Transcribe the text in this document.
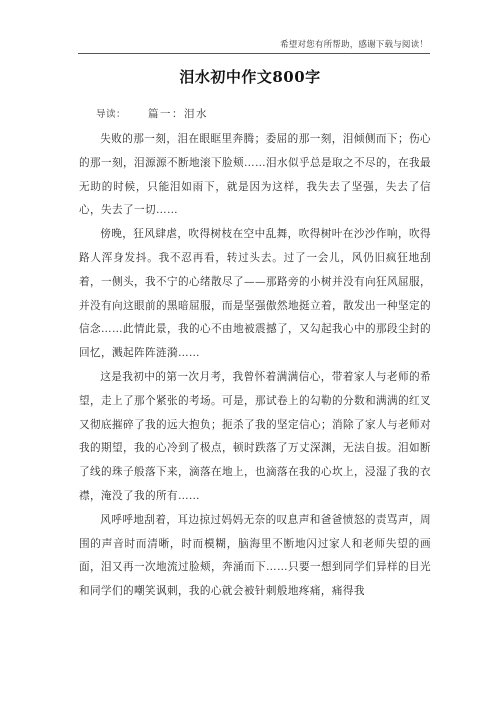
希望对您有所帮助，感谢下载与阅读！
泪水初中作文800字
导读： 篇一：泪水

失败的那一刻，泪在眼眶里奔腾；委屈的那一刻，泪倾侧而下；伤心的那一刻，泪源源不断地滚下脸颊……泪水似乎总是取之不尽的，在我最无助的时候，只能泪如雨下，就是因为这样，我失去了坚强，失去了信心，失去了一切……

傍晚，狂风肆虐，吹得树枝在空中乱舞，吹得树叶在沙沙作响，吹得路人浑身发抖。我不忍再看，转过头去。过了一会儿，风仍旧疯狂地刮着，一侧头，我不宁的心绪散尽了——那路旁的小树并没有向狂风屈服，并没有向这眼前的黑暗屈服，而是坚强傲然地挺立着，散发出一种坚定的信念……此情此景，我的心不由地被震撼了，又勾起我心中的那段尘封的回忆，溅起阵阵涟漪……

这是我初中的第一次月考，我曾怀着满满信心，带着家人与老师的希望，走上了那个紧张的考场。可是，那试卷上的勾勒的分数和满满的红叉又彻底摧碎了我的远大抱负；扼杀了我的坚定信心；消除了家人与老师对我的期望，我的心冷到了极点，顿时跌落了万丈深渊，无法自拔。泪如断了线的珠子般落下来，滴落在地上，也滴落在我的心坎上，浸湿了我的衣襟，淹没了我的所有……

风呼呼地刮着，耳边掠过妈妈无奈的叹息声和爸爸愤怒的责骂声，周围的声音时而清晰，时而模糊，脑海里不断地闪过家人和老师失望的画面，泪又再一次地流过脸颊，奔涌而下……只要一想到同学们异样的目光和同学们的嘲笑讽刺，我的心就会被针刺般地疼痛，痛得我
